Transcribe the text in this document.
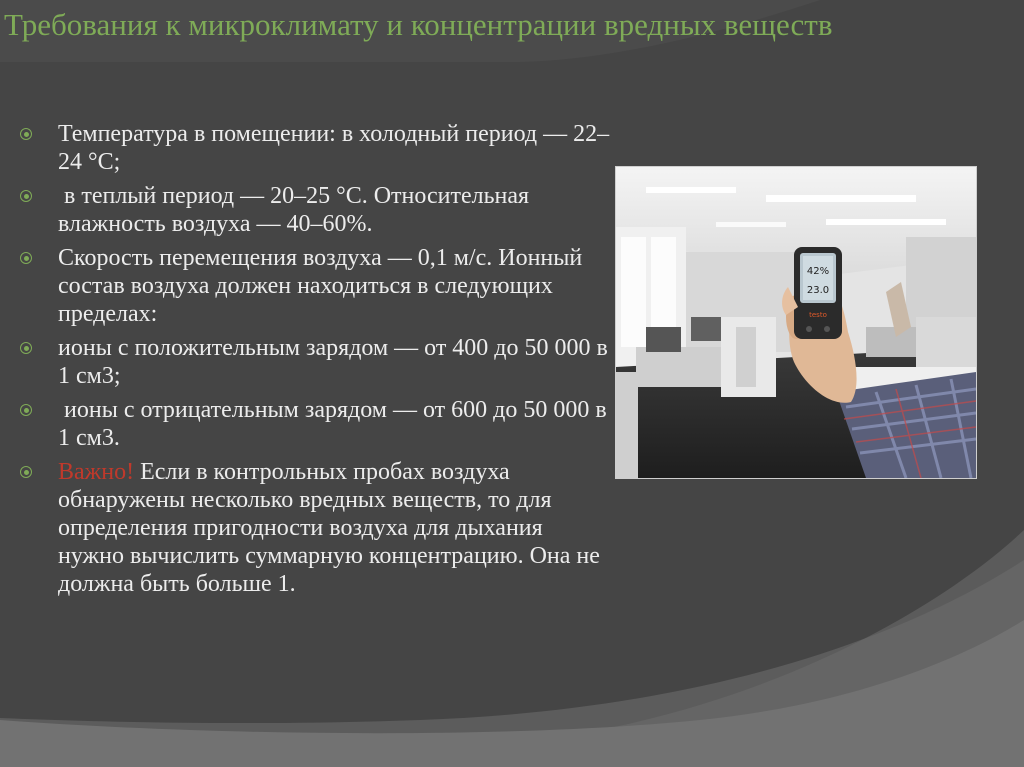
Требования к микроклимату и концентрации вредных веществ
Температура в помещении: в холодный период — 22–24 °С;
в теплый период — 20–25 °С. Относительная влажность воздуха — 40–60%.
Скорость перемещения воздуха — 0,1 м/с. Ионный состав воздуха должен находиться в следующих пределах:
ионы с положительным зарядом — от 400 до 50 000 в 1 см3;
ионы с отрицательным зарядом — от 600 до 50 000 в 1 см3.
Важно! Если в контрольных пробах воздуха обнаружены несколько вредных веществ, то для определения пригодности воздуха для дыхания нужно вычислить суммарную концентрацию. Она не должна быть больше 1.
42%
23.0
testo
